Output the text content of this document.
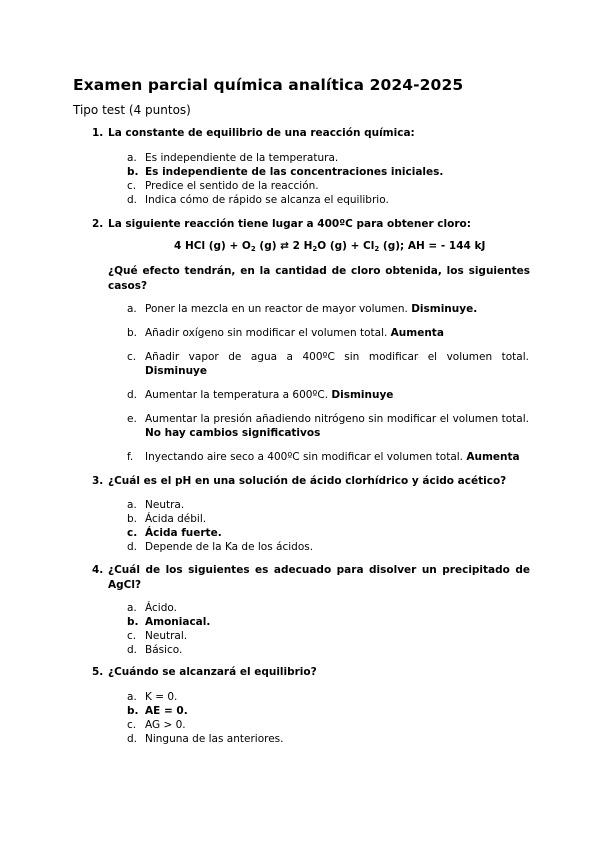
Examen parcial química analítica 2024-2025
Tipo test (4 puntos)
1. La constante de equilibrio de una reacción química:
a. Es independiente de la temperatura.
b. Es independiente de las concentraciones iniciales.
c. Predice el sentido de la reacción.
d. Indica cómo de rápido se alcanza el equilibrio.
2. La siguiente reacción tiene lugar a 400ºC para obtener cloro:
4 HCl $(g) + O_2$ (g) ⇄ 2 $H_2O$ $(g) + Cl_2$ (g); AH = - 144 kJ
¿Qué efecto tendrán, en la cantidad de cloro obtenida, los siguientes casos?
a. Poner la mezcla en un reactor de mayor volumen. Disminuye.
b. Añadir oxígeno sin modificar el volumen total. Aumenta
c. Añadir vapor de agua a 400ºC sin modificar el volumen total. Disminuye
d. Aumentar la temperatura a 600ºC. Disminuye
e. Aumentar la presión añadiendo nitrógeno sin modificar el volumen total. No hay cambios significativos
f. Inyectando aire seco a 400ºC sin modificar el volumen total. Aumenta
3. ¿Cuál es el pH en una solución de ácido clorhídrico y ácido acético?
a. Neutra.
b. Ácida débil.
c. Ácida fuerte.
d. Depende de la Ka de los ácidos.
4. ¿Cuál de los siguientes es adecuado para disolver un precipitado de AgCl?
a. Ácido.
b. Amoniacal.
c. Neutral.
d. Básico.
5. ¿Cuándo se alcanzará el equilibrio?
a. K = 0.
b. AE = 0.
c. AG > 0.
d. Ninguna de las anteriores.
